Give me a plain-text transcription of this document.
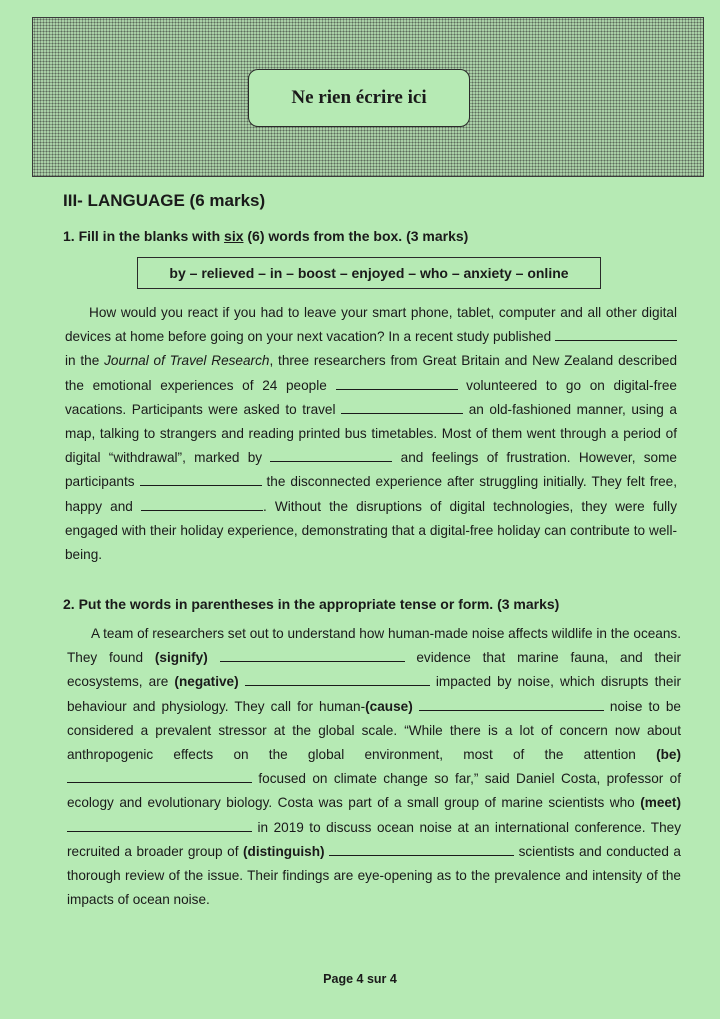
Ne rien écrire ici
III- LANGUAGE (6 marks)

1. Fill in the blanks with six (6) words from the box. (3 marks)

by – relieved – in – boost – enjoyed – who – anxiety – online

How would you react if you had to leave your smart phone, tablet, computer and all other digital devices at home before going on your next vacation? In a recent study published  in the Journal of Travel Research, three researchers from Great Britain and New Zealand described the emotional experiences of 24 people	volunteered to go on digital-free vacations. Participants were asked to travel	an old-fashioned manner, using a map, talking to strangers and reading printed bus timetables. Most of them went through a period of digital “withdrawal”, marked by	and feelings of frustration. However, some participants	the disconnected experience after struggling initially. They felt free, happy and	. Without the disruptions of digital technologies, they were fully engaged with their holiday experience, demonstrating that a digital-free holiday can contribute to well-being.

2. Put the words in parentheses in the appropriate tense or form. (3 marks)

A team of researchers set out to understand how human-made noise affects wildlife in the oceans. They found (signify)	evidence that marine fauna, and their ecosystems, are (negative)	impacted by noise, which disrupts their behaviour and physiology. They call for human-(cause)	noise to be considered a prevalent stressor at the global scale. “While there is a lot of concern now about anthropogenic effects on the global environment, most of the attention (be)  focused on climate change so far,” said Daniel Costa, professor of ecology and evolutionary biology. Costa was part of a small group of marine scientists who (meet)  in 2019 to discuss ocean noise at an international conference. They recruited a broader group of (distinguish)	scientists and conducted a thorough review of the issue. Their findings are eye-opening as to the prevalence and intensity of the impacts of ocean noise.

Page 4 sur 4
